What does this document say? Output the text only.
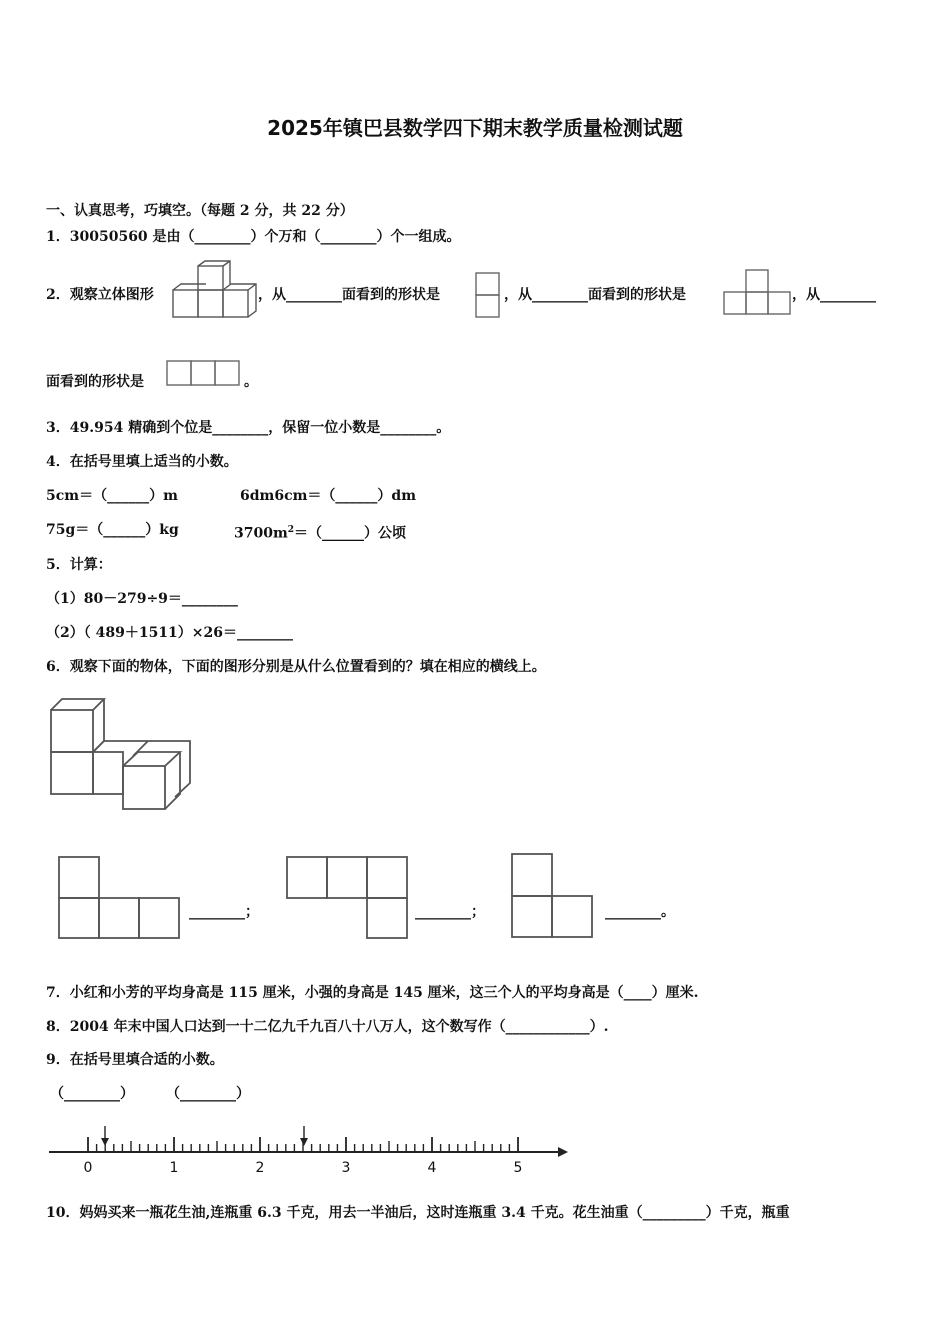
2025年镇巴县数学四下期末教学质量检测试题
一、认真思考，巧填空。（每题 2 分，共 22 分）
1．30050560 是由（________）个万和（________）个一组成。
2．观察立体图形	，从________面看到的形状是	，从________面看到的形状是	，从________
面看到的形状是	。
3．49.954 精确到个位是________，保留一位小数是________。
4．在括号里填上适当的小数。
5cm＝（______）m	6dm6cm＝（______）dm
75g＝（______）kg	$3700m^2=(\_\_\_\_\_\_)$公顷
5．计算：
（1）80－279÷9＝________
（2）（ 489＋1511）×26＝________
6．观察下面的物体，下面的图形分别是从什么位置看到的？填在相应的横线上。
________；	________；	________。
7．小红和小芳的平均身高是 115 厘米，小强的身高是 145 厘米，这三个人的平均身高是（____）厘米.
8．2004 年末中国人口达到一十二亿九千九百八十八万人，这个数写作（____________）.
9．在括号里填合适的小数。
（________） （________）
0	1	2	3	4	5
10．妈妈买来一瓶花生油,连瓶重 6.3 千克，用去一半油后，这时连瓶重 3.4 千克。花生油重（_________）千克，瓶重
